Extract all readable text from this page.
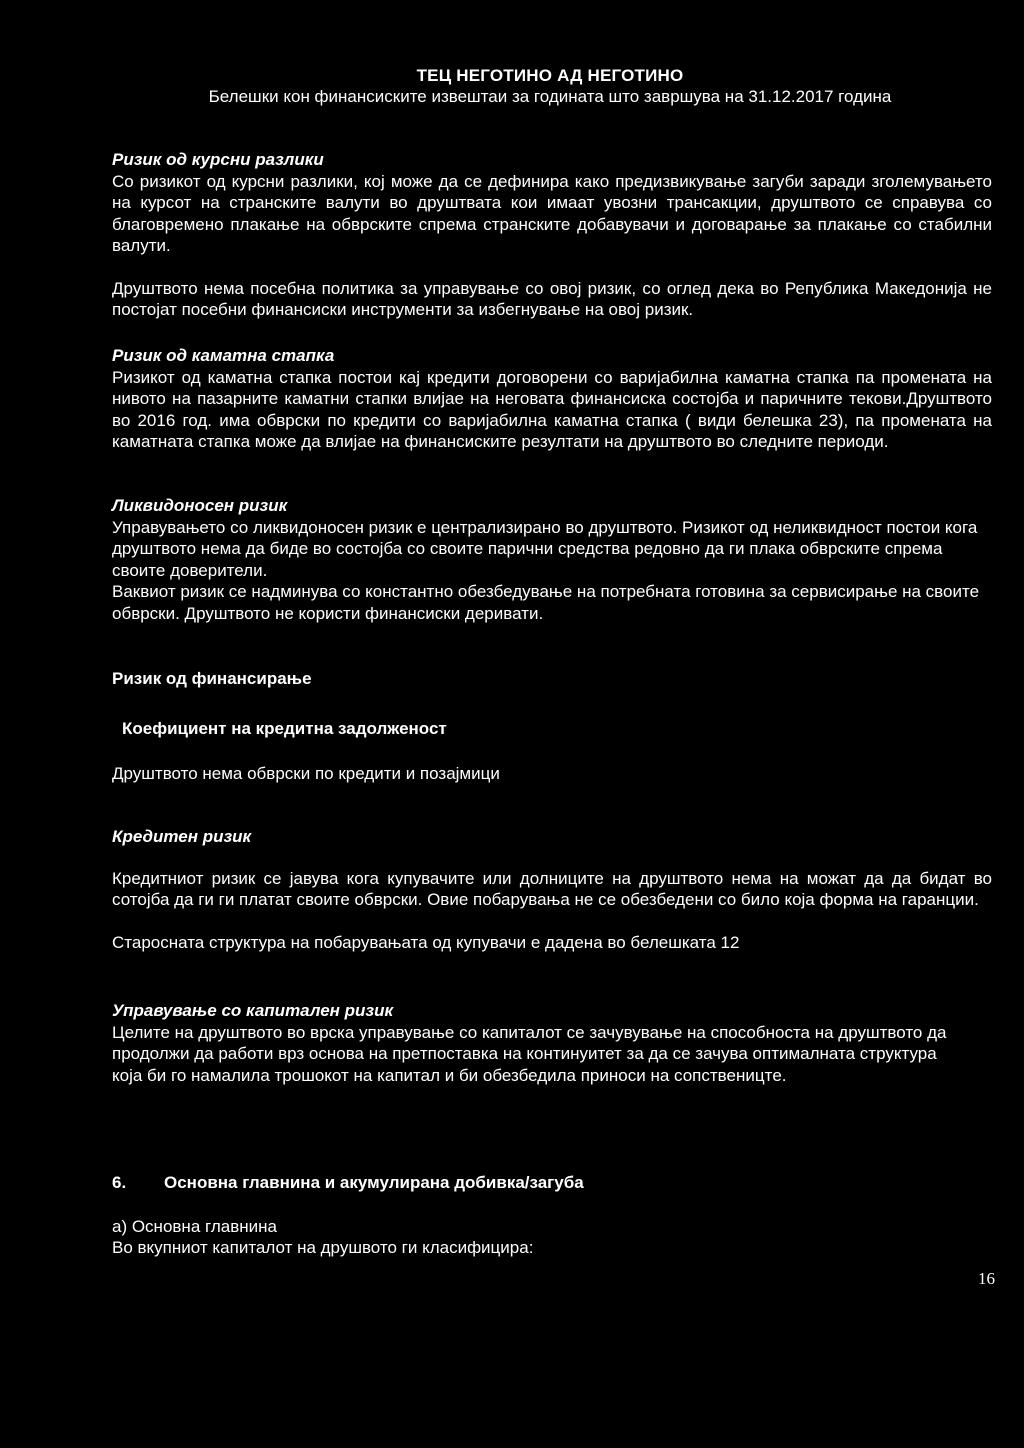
ТЕЦ НЕГОТИНО АД НЕГОТИНО
Белешки кон финансиските извештаи за годината што завршува на 31.12.2017 година

Ризик од курсни разлики

Со ризикот од курсни разлики, кој може да се дефинира како предизвикување загуби заради зголемувањето на курсот на странските валути во друштвата кои имаат увозни трансакции, друштвото се справува со благовремено плакање на обврските спрема странските добавувачи и договарање за плакање со стабилни валути.

Друштвото нема посебна политика за управување со овој ризик, со оглед дека во Република Македонија не постојат посебни финансиски инструменти за избегнување на овој ризик.

Ризик од каматна стапка

Ризикот од каматна стапка постои кај кредити договорени со варијабилна каматна стапка па промената на нивото на пазарните каматни стапки влијае на неговата финансиска состојба и паричните текови.Друштвото во 2016 год. има обврски по кредити со варијабилна каматна стапка ( види белешка 23), па промената на каматната стапка може да влијае на финансиските резултати на друштвото во следните периоди.

Ликвидоносен ризик

Управувањето со ликвидоносен ризик е централизирано во друштвото. Ризикот од неликвидност постои кога друштвото нема да биде во состојба со своите парични средства редовно да ги плака обврските спрема своите доверители.

Ваквиот ризик се надминува со константно обезбедување на потребната готовина за сервисирање на своите обврски. Друштвото не користи финансиски деривати.

Ризик од финансирање

Коефициент на кредитна задолженост

Друштвото нема обврски по кредити и позајмици

Кредитен ризик

Кредитниот ризик се јавува кога купувачите или долниците на друштвото нема на можат да да бидат во сотојба да ги ги платат своите обврски. Овие побарувања не се обезбедени со било која форма на гаранции.

Старосната структура на побарувањата од купувачи е дадена во белешката 12

Управување со капитален ризик

Целите на друштвото во врска управување со капиталот се зачувување на способноста на друштвото да продолжи да работи врз основа на претпоставка на континуитет за да се зачува оптималната структура која би го намалила трошокот на капитал и би обезбедила приноси на сопствеництe.

6. Основна главнина и акумулирана добивка/загуба

а) Основна главнина

Во вкупниот капиталот на друшвото ги класифицира:

16
